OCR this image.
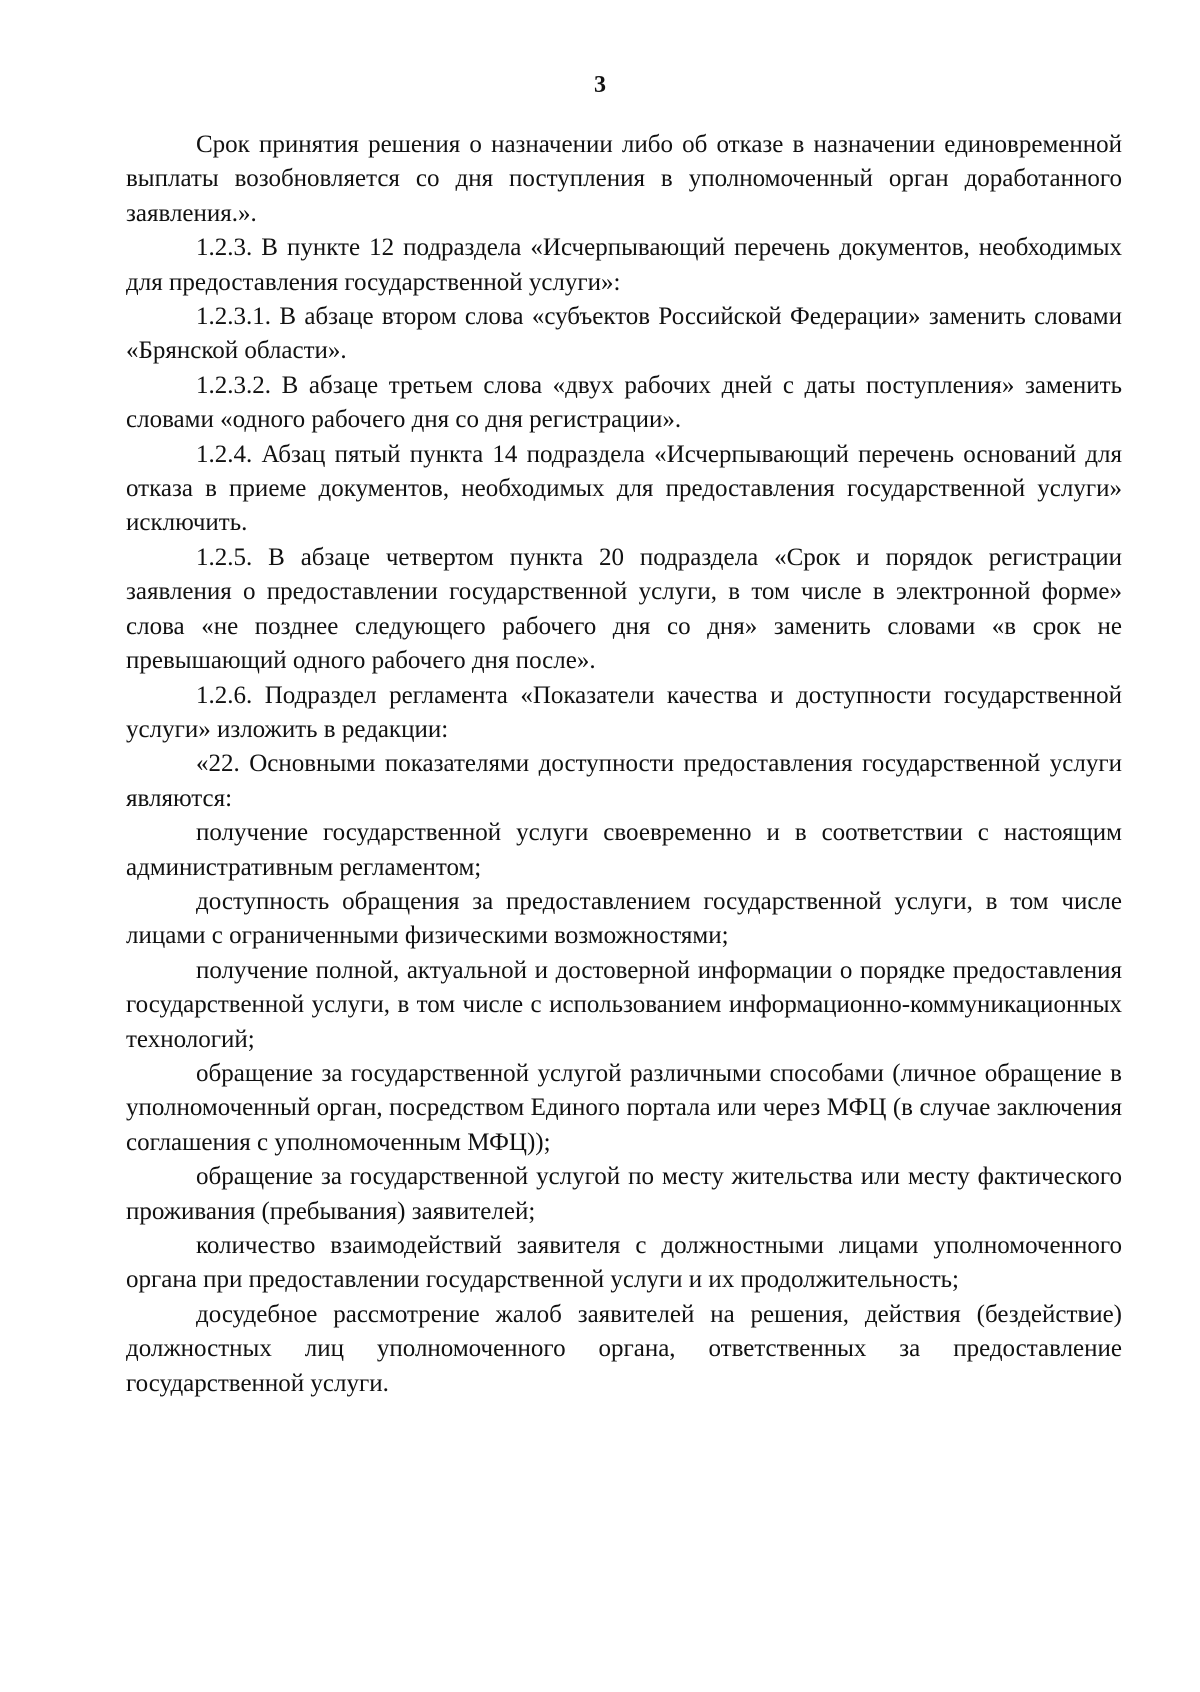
3

Срок принятия решения о назначении либо об отказе в назначении единовременной выплаты возобновляется со дня поступления в уполномоченный орган доработанного заявления.».

1.2.3. В пункте 12 подраздела «Исчерпывающий перечень документов, необходимых для предоставления государственной услуги»:

1.2.3.1. В абзаце втором слова «субъектов Российской Федерации» заменить словами «Брянской области».

1.2.3.2. В абзаце третьем слова «двух рабочих дней с даты поступления» заменить словами «одного рабочего дня со дня регистрации».

1.2.4. Абзац пятый пункта 14 подраздела «Исчерпывающий перечень оснований для отказа в приеме документов, необходимых для предоставления государственной услуги» исключить.

1.2.5. В абзаце четвертом пункта 20 подраздела «Срок и порядок регистрации заявления о предоставлении государственной услуги, в том числе в электронной форме» слова «не позднее следующего рабочего дня со дня» заменить словами «в срок не превышающий одного рабочего дня после».

1.2.6. Подраздел регламента «Показатели качества и доступности государственной услуги» изложить в редакции:

«22. Основными показателями доступности предоставления государственной услуги являются:

получение государственной услуги своевременно и в соответствии с настоящим административным регламентом;

доступность обращения за предоставлением государственной услуги, в том числе лицами с ограниченными физическими возможностями;

получение полной, актуальной и достоверной информации о порядке предоставления государственной услуги, в том числе с использованием информационно-коммуникационных технологий;

обращение за государственной услугой различными способами (личное обращение в уполномоченный орган, посредством Единого портала или через МФЦ (в случае заключения соглашения с уполномоченным МФЦ));

обращение за государственной услугой по месту жительства или месту фактического проживания (пребывания) заявителей;

количество взаимодействий заявителя с должностными лицами уполномоченного органа при предоставлении государственной услуги и их продолжительность;

досудебное рассмотрение жалоб заявителей на решения, действия (бездействие) должностных лиц уполномоченного органа, ответственных за предоставление государственной услуги.
